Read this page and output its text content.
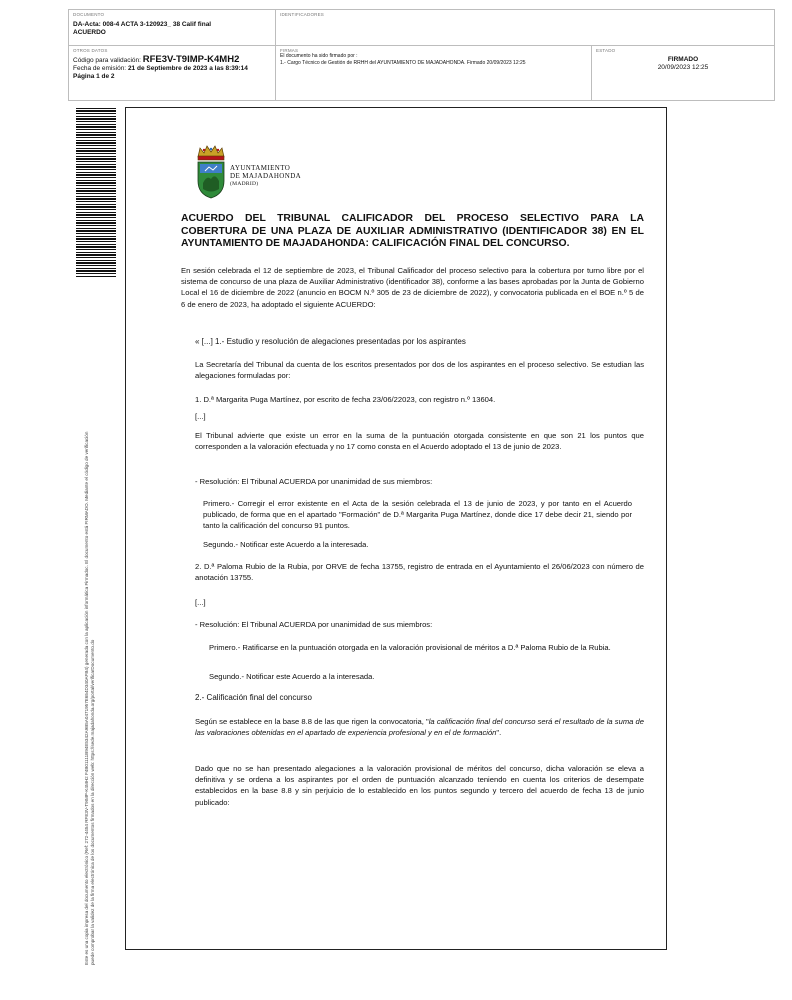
DOCUMENTO
DA-Acta: 008-4 ACTA 3-120923_ 38 Calif final
ACUERDO
IDENTIFICADORES
OTROS DATOS
Código para validación: RFE3V-T9IMP-K4MH2
Fecha de emisión: 21 de Septiembre de 2023 a las 8:39:14
Página 1 de 2
FIRMAS
El documento ha sido firmado por :
1.- Cargo Técnico de Gestión de RRHH del AYUNTAMIENTO DE MAJADAHONDA. Firmado 20/09/2023 12:25
ESTADO
FIRMADO
20/09/2023 12:25
Este es una copia impresa del documento electrónico (Ref: 272-4454 RFE3V-T9IMP-K4MH2 F4B01111B94E5342A9B5A0471957E654D340AFB4) generada con la aplicación informática Firmadoc. El documento está FIRMADO. Mediante el código de verificación puede comprobar la validez de la firma electrónica de los documentos firmados en la dirección web: https://sede.majadahonda.org/portal/verificarDocumento.do
AYUNTAMIENTO
DE MAJADAHONDA
(MADRID)
ACUERDO DEL TRIBUNAL CALIFICADOR DEL PROCESO SELECTIVO PARA LA COBERTURA DE UNA PLAZA DE AUXILIAR ADMINISTRATIVO (IDENTIFICADOR 38) EN EL AYUNTAMIENTO DE MAJADAHONDA: CALIFICACIÓN FINAL DEL CONCURSO.
En sesión celebrada el 12 de septiembre de 2023, el Tribunal Calificador del proceso selectivo para la cobertura por turno libre por el sistema de concurso de una plaza de Auxiliar Administrativo (identificador 38), conforme a las bases aprobadas por la Junta de Gobierno Local el 16 de diciembre de 2022 (anuncio en BOCM N.º 305 de 23 de diciembre de 2022), y convocatoria publicada en el BOE n.º 5 de 6 de enero de 2023, ha adoptado el siguiente ACUERDO:
« [...] 1.- Estudio y resolución de alegaciones presentadas por los aspirantes
La Secretaría del Tribunal da cuenta de los escritos presentados por dos de los aspirantes en el proceso selectivo. Se estudian las alegaciones formuladas por:
1. D.ª Margarita Puga Martínez, por escrito de fecha 23/06/22023, con registro n.º 13604.
[...]
El Tribunal advierte que existe un error en la suma de la puntuación otorgada consistente en que son 21 los puntos que corresponden a la valoración efectuada y no 17 como consta en el Acuerdo adoptado el 13 de junio de 2023.
- Resolución: El Tribunal ACUERDA por unanimidad de sus miembros:
Primero.- Corregir el error existente en el Acta de la sesión celebrada el 13 de junio de 2023, y por tanto en el Acuerdo publicado, de forma que en el apartado "Formación" de D.ª Margarita Puga Martínez, donde dice 17 debe decir 21, siendo por tanto la calificación del concurso 91 puntos.
Segundo.- Notificar este Acuerdo a la interesada.
2. D.ª Paloma Rubio de la Rubia, por ORVE de fecha 13755, registro de entrada en el Ayuntamiento el 26/06/2023 con número de anotación 13755.
[...]
- Resolución: El Tribunal ACUERDA por unanimidad de sus miembros:
Primero.- Ratificarse en la puntuación otorgada en la valoración provisional de méritos a D.ª Paloma Rubio de la Rubia.
Segundo.- Notificar este Acuerdo a la interesada.
2.- Calificación final del concurso
Según se establece en la base 8.8 de las que rigen la convocatoria, "la calificación final del concurso será el resultado de la suma de las valoraciones obtenidas en el apartado de experiencia profesional y en el de formación".
Dado que no se han presentado alegaciones a la valoración provisional de méritos del concurso, dicha valoración se eleva a definitiva y se ordena a los aspirantes por el orden de puntuación alcanzado teniendo en cuenta los criterios de desempate establecidos en la base 8.8 y sin perjuicio de lo establecido en los puntos segundo y tercero del acuerdo de fecha 13 de junio publicado:
